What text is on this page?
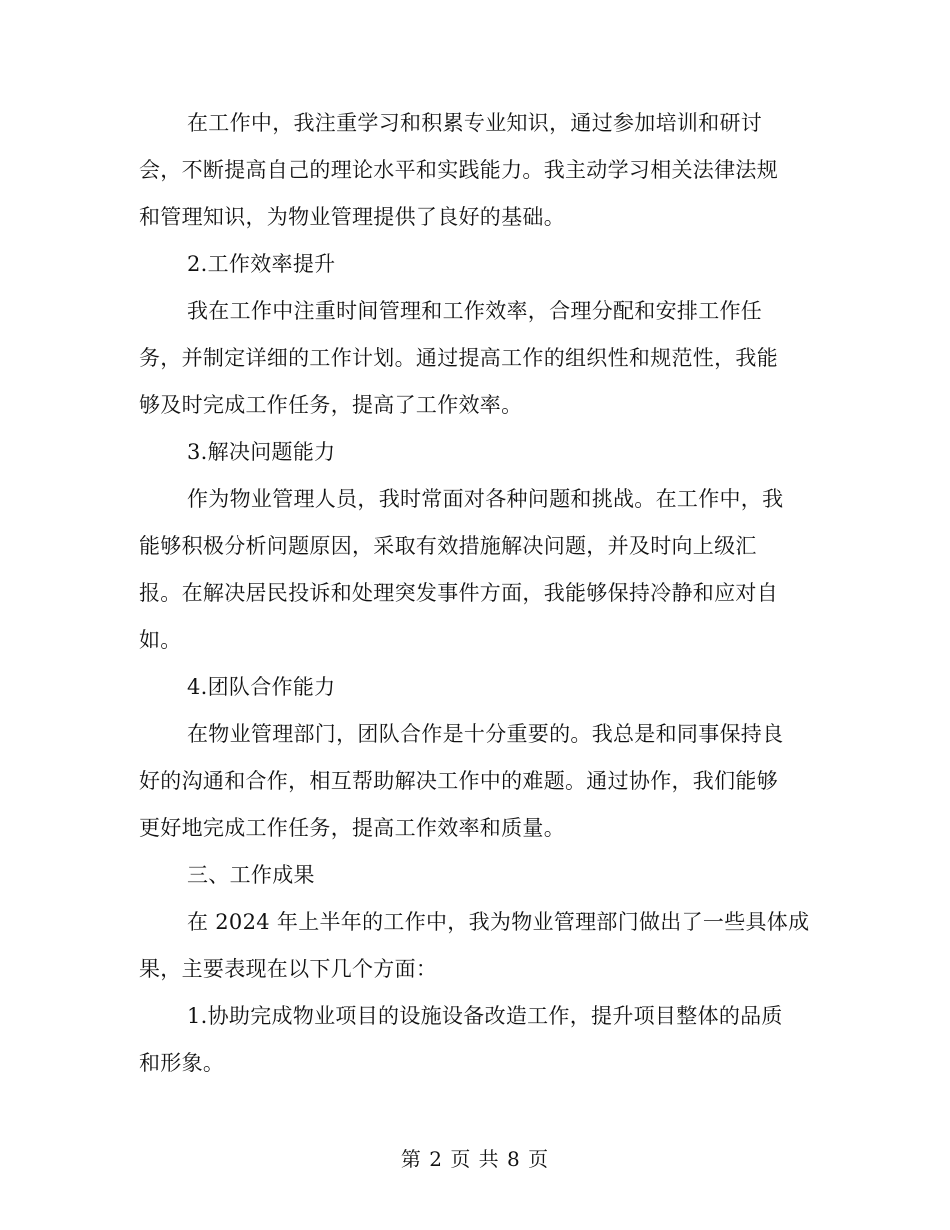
在工作中，我注重学习和积累专业知识，通过参加培训和研讨
会，不断提高自己的理论水平和实践能力。我主动学习相关法律法规
和管理知识，为物业管理提供了良好的基础。
2.工作效率提升
我在工作中注重时间管理和工作效率，合理分配和安排工作任
务，并制定详细的工作计划。通过提高工作的组织性和规范性，我能
够及时完成工作任务，提高了工作效率。
3.解决问题能力
作为物业管理人员，我时常面对各种问题和挑战。在工作中，我
能够积极分析问题原因，采取有效措施解决问题，并及时向上级汇
报。在解决居民投诉和处理突发事件方面，我能够保持冷静和应对自
如。
4.团队合作能力
在物业管理部门，团队合作是十分重要的。我总是和同事保持良
好的沟通和合作，相互帮助解决工作中的难题。通过协作，我们能够
更好地完成工作任务，提高工作效率和质量。
三、工作成果
在 2024 年上半年的工作中，我为物业管理部门做出了一些具体成
果，主要表现在以下几个方面：
1.协助完成物业项目的设施设备改造工作，提升项目整体的品质
和形象。
第 2 页 共 8 页
